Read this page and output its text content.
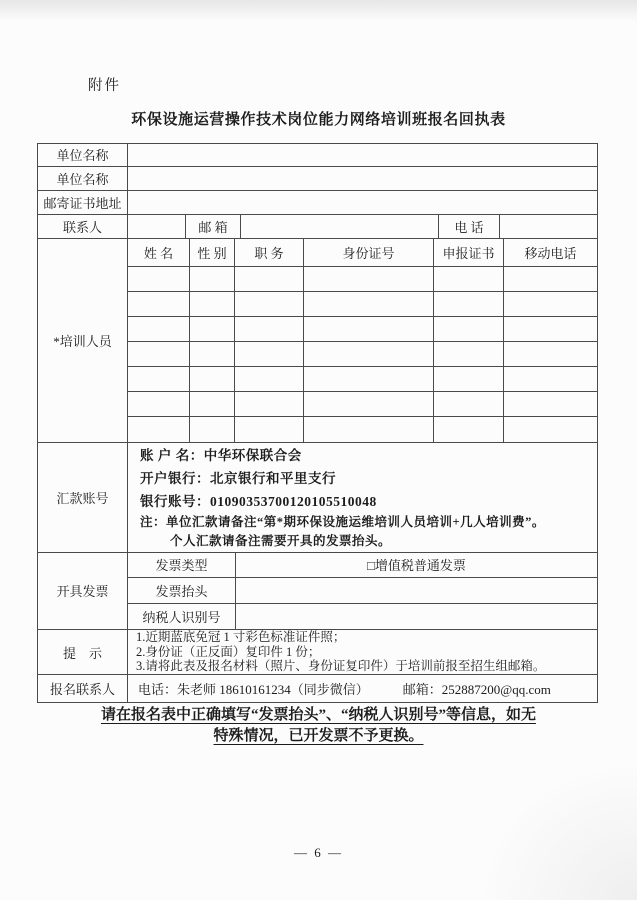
附件
环保设施运营操作技术岗位能力网络培训班报名回执表
单位名称
单位名称
邮寄证书地址
联系人	邮 箱	电 话
*培训人员
姓 名	性 别	职 务	身份证号	申报证书	移动电话
汇款账号
账 户 名：中华环保联合会
开户银行：北京银行和平里支行
银行账号：01090353700120105510048
注：单位汇款请备注“第*期环保设施运维培训人员培训+几人培训费”。
个人汇款请备注需要开具的发票抬头。
开具发票
发票类型	□增值税普通发票
发票抬头
纳税人识别号
提　示
1.近期蓝底免冠 1 寸彩色标准证件照；
2.身份证（正反面）复印件 1 份；
3.请将此表及报名材料（照片、身份证复印件）于培训前报至招生组邮箱。
报名联系人	电话：朱老师 18610161234（同步微信）	邮箱：252887200@qq.com
请在报名表中正确填写“发票抬头”、“纳税人识别号”等信息，如无
特殊情况，已开发票不予更换。
— 6 —
